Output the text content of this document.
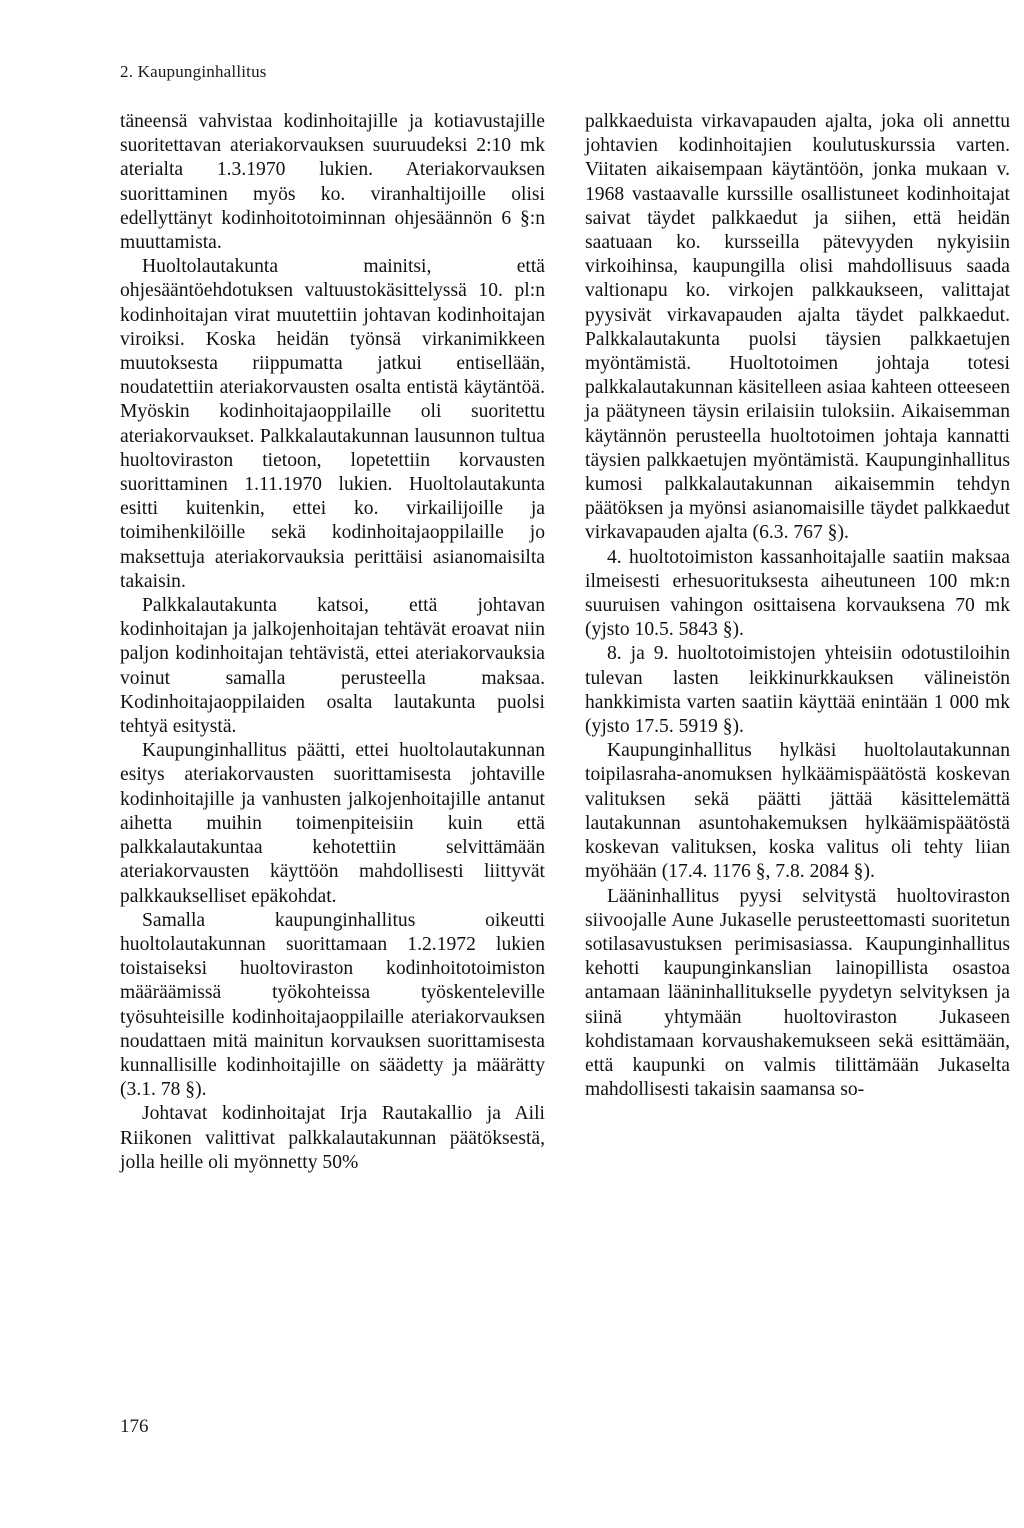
2. Kaupunginhallitus

täneensä vahvistaa kodinhoitajille ja kotiavustajille suoritettavan ateriakorvauksen suuruudeksi 2:10 mk aterialta 1.3.1970 lukien. Ateriakorvauksen suorittaminen myös ko. viranhaltijoille olisi edellyttänyt kodinhoitotoiminnan ohjesäännön 6 §:n muuttamista.

Huoltolautakunta mainitsi, että ohjesääntöehdotuksen valtuustokäsittelyssä 10. pl:n kodinhoitajan virat muutettiin johtavan kodinhoitajan viroiksi. Koska heidän työnsä virkanimikkeen muutoksesta riippumatta jatkui entisellään, noudatettiin ateriakorvausten osalta entistä käytäntöä. Myöskin kodinhoitajaoppilaille oli suoritettu ateriakorvaukset. Palkkalautakunnan lausunnon tultua huoltoviraston tietoon, lopetettiin korvausten suorittaminen 1.11.1970 lukien. Huoltolautakunta esitti kuitenkin, ettei ko. virkailijoille ja toimihenkilöille sekä kodinhoitajaoppilaille jo maksettuja ateriakorvauksia perittäisi asianomaisilta takaisin.

Palkkalautakunta katsoi, että johtavan kodinhoitajan ja jalkojenhoitajan tehtävät eroavat niin paljon kodinhoitajan tehtävistä, ettei ateriakorvauksia voinut samalla perusteella maksaa. Kodinhoitajaoppilaiden osalta lautakunta puolsi tehtyä esitystä.

Kaupunginhallitus päätti, ettei huoltolautakunnan esitys ateriakorvausten suorittamisesta johtaville kodinhoitajille ja vanhusten jalkojenhoitajille antanut aihetta muihin toimenpiteisiin kuin että palkkalautakuntaa kehotettiin selvittämään ateriakorvausten käyttöön mahdollisesti liittyvät palkkaukselliset epäkohdat.

Samalla kaupunginhallitus oikeutti huoltolautakunnan suorittamaan 1.2.1972 lukien toistaiseksi huoltoviraston kodinhoitotoimiston määräämissä työkohteissa työskenteleville työsuhteisille kodinhoitajaoppilaille ateriakorvauksen noudattaen mitä mainitun korvauksen suorittamisesta kunnallisille kodinhoitajille on säädetty ja määrätty (3.1. 78 §).

Johtavat kodinhoitajat Irja Rautakallio ja Aili Riikonen valittivat palkkalautakunnan päätöksestä, jolla heille oli myönnetty 50%

palkkaeduista virkavapauden ajalta, joka oli annettu johtavien kodinhoitajien koulutuskurssia varten. Viitaten aikaisempaan käytäntöön, jonka mukaan v. 1968 vastaavalle kurssille osallistuneet kodinhoitajat saivat täydet palkkaedut ja siihen, että heidän saatuaan ko. kursseilla pätevyyden nykyisiin virkoihinsa, kaupungilla olisi mahdollisuus saada valtionapu ko. virkojen palkkaukseen, valittajat pyysivät virkavapauden ajalta täydet palkkaedut. Palkkalautakunta puolsi täysien palkkaetujen myöntämistä. Huoltotoimen johtaja totesi palkkalautakunnan käsitelleen asiaa kahteen otteeseen ja päätyneen täysin erilaisiin tuloksiin. Aikaisemman käytännön perusteella huoltotoimen johtaja kannatti täysien palkkaetujen myöntämistä. Kaupunginhallitus kumosi palkkalautakunnan aikaisemmin tehdyn päätöksen ja myönsi asianomaisille täydet palkkaedut virkavapauden ajalta (6.3. 767 §).

4. huoltotoimiston kassanhoitajalle saatiin maksaa ilmeisesti erhesuorituksesta aiheutuneen 100 mk:n suuruisen vahingon osittaisena korvauksena 70 mk (yjsto 10.5. 5843 §).

8. ja 9. huoltotoimistojen yhteisiin odotustiloihin tulevan lasten leikkinurkkauksen välineistön hankkimista varten saatiin käyttää enintään 1 000 mk (yjsto 17.5. 5919 §).

Kaupunginhallitus hylkäsi huoltolautakunnan toipilasraha-anomuksen hylkäämispäätöstä koskevan valituksen sekä päätti jättää käsittelemättä lautakunnan asuntohakemuksen hylkäämispäätöstä koskevan valituksen, koska valitus oli tehty liian myöhään (17.4. 1176 §, 7.8. 2084 §).

Lääninhallitus pyysi selvitystä huoltoviraston siivoojalle Aune Jukaselle perusteettomasti suoritetun sotilasavustuksen perimisasiassa. Kaupunginhallitus kehotti kaupunginkanslian lainopillista osastoa antamaan lääninhallitukselle pyydetyn selvityksen ja siinä yhtymään huoltoviraston Jukaseen kohdistamaan korvaushakemukseen sekä esittämään, että kaupunki on valmis tilittämään Jukaselta mahdollisesti takaisin saamansa so-

176
